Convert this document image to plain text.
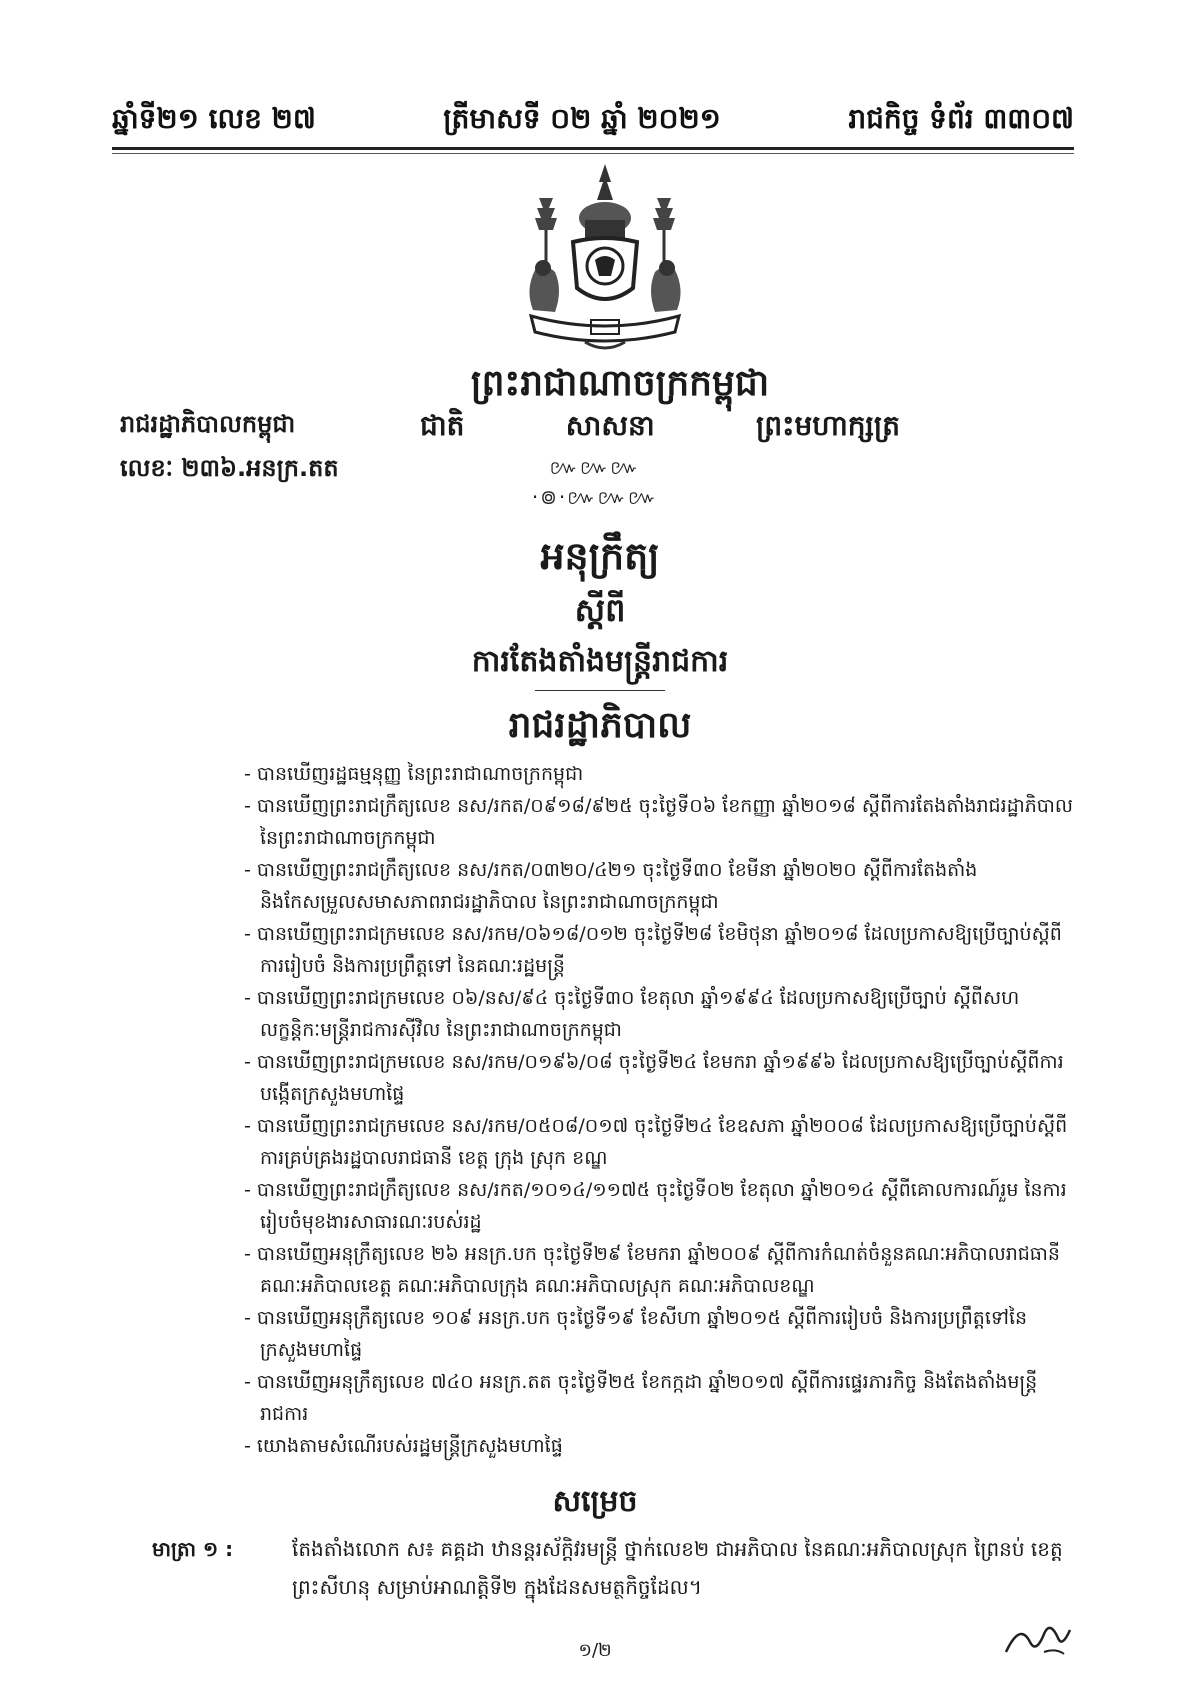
ឆ្នាំទី២១ លេខ ២៧	ត្រីមាសទី ០២ ឆ្នាំ ២០២១	រាជកិច្ច ទំព័រ ៣៣០៧
ព្រះរាជាណាចក្រកម្ពុជា
ជាតិ	សាសនា	ព្រះមហាក្សត្រ
៚៚៚·៙·៚៚៚
រាជរដ្ឋាភិបាលកម្ពុជា
លេខៈ ២៣៦.អនក្រ.តត
អនុក្រឹត្យ
ស្តីពី
ការតែងតាំងមន្ត្រីរាជការ
រាជរដ្ឋាភិបាល
- បានឃើញរដ្ឋធម្មនុញ្ញ នៃព្រះរាជាណាចក្រកម្ពុជា
- បានឃើញព្រះរាជក្រឹត្យលេខ នស/រកត/០៩១៨/៩២៥ ចុះថ្ងៃទី០៦ ខែកញ្ញា ឆ្នាំ២០១៨ ស្តីពីការតែងតាំងរាជរដ្ឋាភិបាល នៃព្រះរាជាណាចក្រកម្ពុជា
- បានឃើញព្រះរាជក្រឹត្យលេខ នស/រកត/០៣២០/៤២១ ចុះថ្ងៃទី៣០ ខែមីនា ឆ្នាំ២០២០ ស្តីពីការតែងតាំង និងកែសម្រួលសមាសភាពរាជរដ្ឋាភិបាល នៃព្រះរាជាណាចក្រកម្ពុជា
- បានឃើញព្រះរាជក្រមលេខ នស/រកម/០៦១៨/០១២ ចុះថ្ងៃទី២៨ ខែមិថុនា ឆ្នាំ២០១៨ ដែលប្រកាសឱ្យប្រើច្បាប់ស្តីពីការរៀបចំ និងការប្រព្រឹត្តទៅ នៃគណៈរដ្ឋមន្ត្រី
- បានឃើញព្រះរាជក្រមលេខ ០៦/នស/៩៤ ចុះថ្ងៃទី៣០ ខែតុលា ឆ្នាំ១៩៩៤ ដែលប្រកាសឱ្យប្រើច្បាប់ ស្តីពីសហលក្ខន្តិកៈមន្ត្រីរាជការស៊ីវិល នៃព្រះរាជាណាចក្រកម្ពុជា
- បានឃើញព្រះរាជក្រមលេខ នស/រកម/០១៩៦/០៨ ចុះថ្ងៃទី២៤ ខែមករា ឆ្នាំ១៩៩៦ ដែលប្រកាសឱ្យប្រើច្បាប់ស្តីពីការបង្កើតក្រសួងមហាផ្ទៃ
- បានឃើញព្រះរាជក្រមលេខ នស/រកម/០៥០៨/០១៧ ចុះថ្ងៃទី២៤ ខែឧសភា ឆ្នាំ២០០៨ ដែលប្រកាសឱ្យប្រើច្បាប់ស្តីពីការគ្រប់គ្រងរដ្ឋបាលរាជធានី ខេត្ត ក្រុង ស្រុក ខណ្ឌ
- បានឃើញព្រះរាជក្រឹត្យលេខ នស/រកត/១០១៤/១១៧៥ ចុះថ្ងៃទី០២ ខែតុលា ឆ្នាំ២០១៤ ស្តីពីគោលការណ៍រួម នៃការរៀបចំមុខងារសាធារណៈរបស់រដ្ឋ
- បានឃើញអនុក្រឹត្យលេខ ២៦ អនក្រ.បក ចុះថ្ងៃទី២៩ ខែមករា ឆ្នាំ២០០៩ ស្តីពីការកំណត់ចំនួនគណៈអភិបាលរាជធានី គណៈអភិបាលខេត្ត គណៈអភិបាលក្រុង គណៈអភិបាលស្រុក គណៈអភិបាលខណ្ឌ
- បានឃើញអនុក្រឹត្យលេខ ១០៩ អនក្រ.បក ចុះថ្ងៃទី១៩ ខែសីហា ឆ្នាំ២០១៥ ស្តីពីការរៀបចំ និងការប្រព្រឹត្តទៅនៃក្រសួងមហាផ្ទៃ
- បានឃើញអនុក្រឹត្យលេខ ៧៤០ អនក្រ.តត ចុះថ្ងៃទី២៥ ខែកក្កដា ឆ្នាំ២០១៧ ស្តីពីការផ្ទេរភារកិច្ច និងតែងតាំងមន្ត្រីរាជការ
- យោងតាមសំណើរបស់រដ្ឋមន្ត្រីក្រសួងមហាផ្ទៃ
សម្រេច
មាត្រា ១ :	តែងតាំងលោក ស៖ គគ្គដា ឋានន្តរស័ក្តិវរមន្ត្រី ថ្នាក់លេខ២ ជាអភិបាល នៃគណៈអភិបាលស្រុក ព្រៃនប់ ខេត្តព្រះសីហនុ សម្រាប់អាណត្តិទី២ ក្នុងដែនសមត្ថកិច្ចដែល។
១/២
